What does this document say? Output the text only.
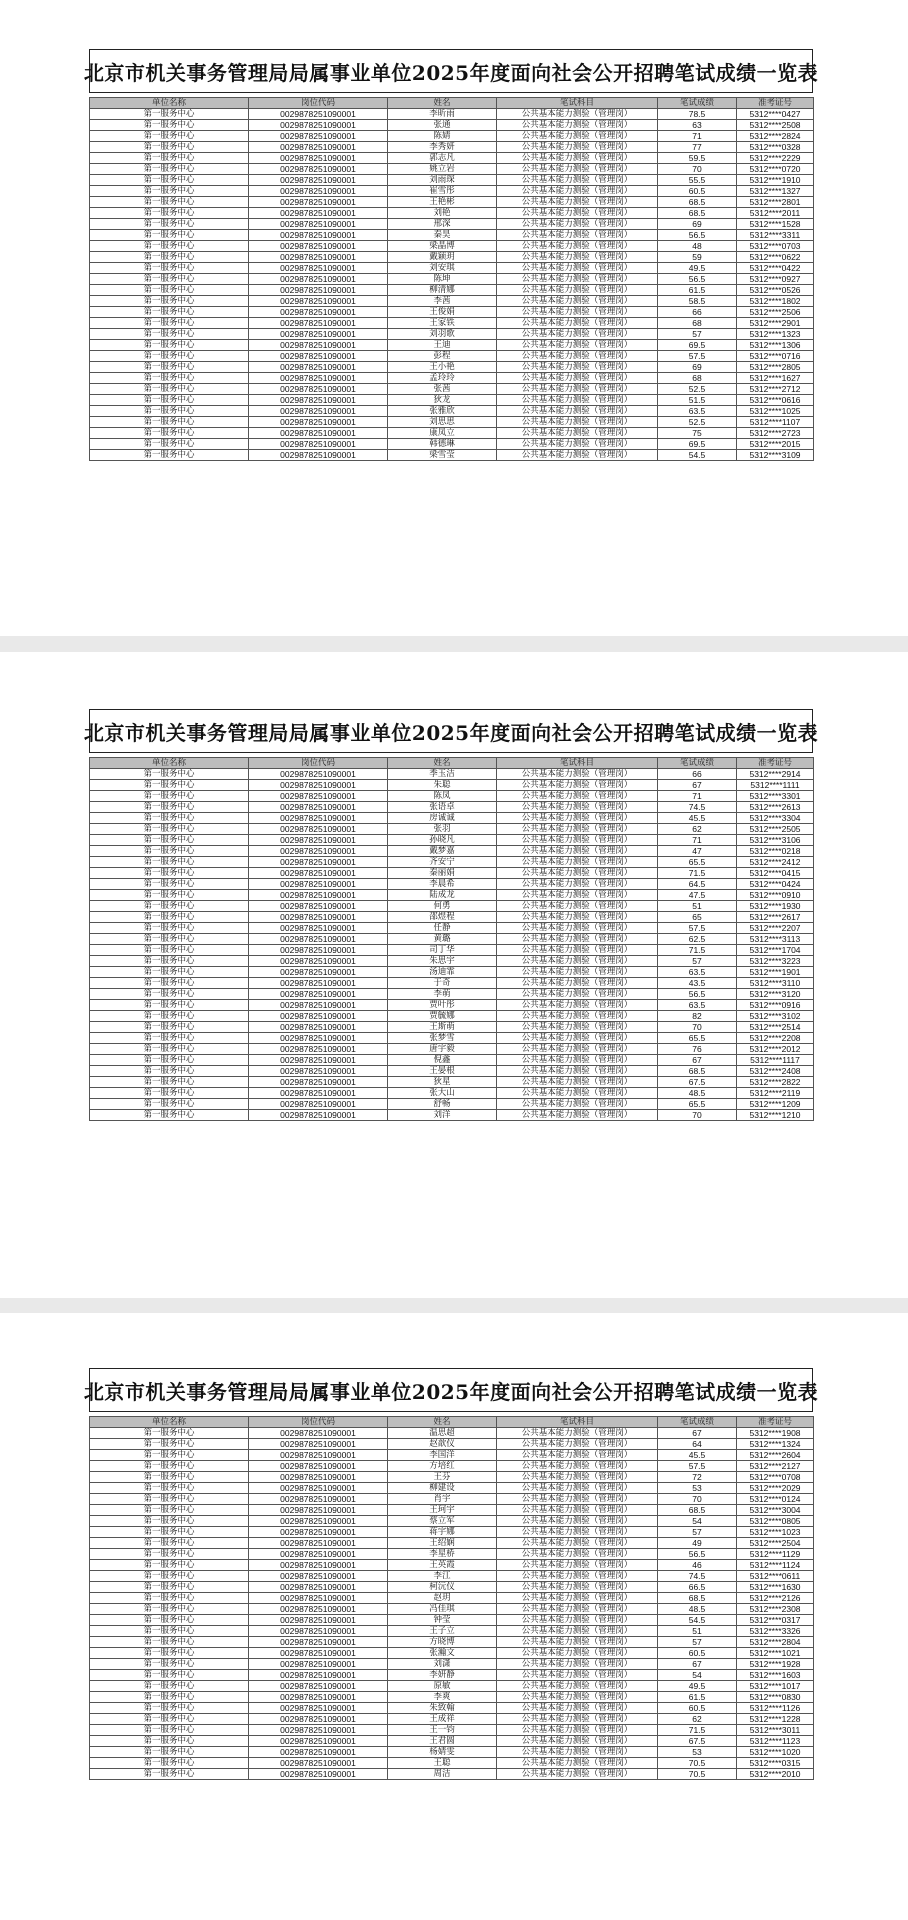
北京市机关事务管理局局属事业单位2025年度面向社会公开招聘笔试成绩一览表
单位名称	岗位代码	姓名	笔试科目	笔试成绩	准考证号
第一服务中心	0029878251090001	李昕雨	公共基本能力测验（管理岗）	78.5	5312****0427
第一服务中心	0029878251090001	张通	公共基本能力测验（管理岗）	63	5312****2508
第一服务中心	0029878251090001	陈婧	公共基本能力测验（管理岗）	71	5312****2824
第一服务中心	0029878251090001	李秀妍	公共基本能力测验（管理岗）	77	5312****0328
第一服务中心	0029878251090001	郭志凡	公共基本能力测验（管理岗）	59.5	5312****2229
第一服务中心	0029878251090001	姚立岩	公共基本能力测验（管理岗）	70	5312****0720
第一服务中心	0029878251090001	刘雨琛	公共基本能力测验（管理岗）	55.5	5312****1910
第一服务中心	0029878251090001	崔雪彤	公共基本能力测验（管理岗）	60.5	5312****1327
第一服务中心	0029878251090001	王艳彬	公共基本能力测验（管理岗）	68.5	5312****2801
第一服务中心	0029878251090001	刘艳	公共基本能力测验（管理岗）	68.5	5312****2011
第一服务中心	0029878251090001	邢深	公共基本能力测验（管理岗）	69	5312****1528
第一服务中心	0029878251090001	秦昊	公共基本能力测验（管理岗）	56.5	5312****3311
第一服务中心	0029878251090001	梁晶博	公共基本能力测验（管理岗）	48	5312****0703
第一服务中心	0029878251090001	戴颖玥	公共基本能力测验（管理岗）	59	5312****0622
第一服务中心	0029878251090001	刘安琪	公共基本能力测验（管理岗）	49.5	5312****0422
第一服务中心	0029878251090001	陈坤	公共基本能力测验（管理岗）	56.5	5312****0927
第一服务中心	0029878251090001	柳清娜	公共基本能力测验（管理岗）	61.5	5312****0526
第一服务中心	0029878251090001	李茜	公共基本能力测验（管理岗）	58.5	5312****1802
第一服务中心	0029878251090001	王俊娟	公共基本能力测验（管理岗）	66	5312****2506
第一服务中心	0029878251090001	王家铁	公共基本能力测验（管理岗）	68	5312****2901
第一服务中心	0029878251090001	刘羽歌	公共基本能力测验（管理岗）	57	5312****1323
第一服务中心	0029878251090001	王迪	公共基本能力测验（管理岗）	69.5	5312****1306
第一服务中心	0029878251090001	彭程	公共基本能力测验（管理岗）	57.5	5312****0716
第一服务中心	0029878251090001	王小艳	公共基本能力测验（管理岗）	69	5312****2805
第一服务中心	0029878251090001	孟玲玲	公共基本能力测验（管理岗）	68	5312****1627
第一服务中心	0029878251090001	张茜	公共基本能力测验（管理岗）	52.5	5312****2712
第一服务中心	0029878251090001	狄龙	公共基本能力测验（管理岗）	51.5	5312****0616
第一服务中心	0029878251090001	张雅欣	公共基本能力测验（管理岗）	63.5	5312****1025
第一服务中心	0029878251090001	刘思思	公共基本能力测验（管理岗）	52.5	5312****1107
第一服务中心	0029878251090001	康凤立	公共基本能力测验（管理岗）	75	5312****2723
第一服务中心	0029878251090001	韩德琳	公共基本能力测验（管理岗）	69.5	5312****2015
第一服务中心	0029878251090001	梁雪莹	公共基本能力测验（管理岗）	54.5	5312****3109
北京市机关事务管理局局属事业单位2025年度面向社会公开招聘笔试成绩一览表
单位名称	岗位代码	姓名	笔试科目	笔试成绩	准考证号
第一服务中心	0029878251090001	季玉洁	公共基本能力测验（管理岗）	66	5312****2914
第一服务中心	0029878251090001	朱聪	公共基本能力测验（管理岗）	67	5312****1111
第一服务中心	0029878251090001	陈凤	公共基本能力测验（管理岗）	71	5312****3301
第一服务中心	0029878251090001	张语卓	公共基本能力测验（管理岗）	74.5	5312****2613
第一服务中心	0029878251090001	房诚诚	公共基本能力测验（管理岗）	45.5	5312****3304
第一服务中心	0029878251090001	张羽	公共基本能力测验（管理岗）	62	5312****2505
第一服务中心	0029878251090001	孙晓凡	公共基本能力测验（管理岗）	71	5312****3106
第一服务中心	0029878251090001	戴梦嘉	公共基本能力测验（管理岗）	47	5312****0218
第一服务中心	0029878251090001	齐安宁	公共基本能力测验（管理岗）	65.5	5312****2412
第一服务中心	0029878251090001	秦丽娟	公共基本能力测验（管理岗）	71.5	5312****0415
第一服务中心	0029878251090001	李晨希	公共基本能力测验（管理岗）	64.5	5312****0424
第一服务中心	0029878251090001	陆成龙	公共基本能力测验（管理岗）	47.5	5312****0910
第一服务中心	0029878251090001	何勇	公共基本能力测验（管理岗）	51	5312****1930
第一服务中心	0029878251090001	邵煜程	公共基本能力测验（管理岗）	65	5312****2617
第一服务中心	0029878251090001	任静	公共基本能力测验（管理岗）	57.5	5312****2207
第一服务中心	0029878251090001	黄璐	公共基本能力测验（管理岗）	62.5	5312****3113
第一服务中心	0029878251090001	司丁华	公共基本能力测验（管理岗）	71.5	5312****1704
第一服务中心	0029878251090001	朱思宇	公共基本能力测验（管理岗）	57	5312****3223
第一服务中心	0029878251090001	汤迪霏	公共基本能力测验（管理岗）	63.5	5312****1901
第一服务中心	0029878251090001	于奇	公共基本能力测验（管理岗）	43.5	5312****3110
第一服务中心	0029878251090001	李萌	公共基本能力测验（管理岗）	56.5	5312****3120
第一服务中心	0029878251090001	贾叶彤	公共基本能力测验（管理岗）	63.5	5312****0916
第一服务中心	0029878251090001	贾毓娜	公共基本能力测验（管理岗）	82	5312****3102
第一服务中心	0029878251090001	王斯萌	公共基本能力测验（管理岗）	70	5312****2514
第一服务中心	0029878251090001	张梦雪	公共基本能力测验（管理岗）	65.5	5312****2208
第一服务中心	0029878251090001	唐宇毅	公共基本能力测验（管理岗）	76	5312****2012
第一服务中心	0029878251090001	倪鑫	公共基本能力测验（管理岗）	67	5312****1117
第一服务中心	0029878251090001	王晏根	公共基本能力测验（管理岗）	68.5	5312****2408
第一服务中心	0029878251090001	狄星	公共基本能力测验（管理岗）	67.5	5312****2822
第一服务中心	0029878251090001	张大山	公共基本能力测验（管理岗）	48.5	5312****2119
第一服务中心	0029878251090001	舒畅	公共基本能力测验（管理岗）	65.5	5312****1209
第一服务中心	0029878251090001	刘洋	公共基本能力测验（管理岗）	70	5312****1210
北京市机关事务管理局局属事业单位2025年度面向社会公开招聘笔试成绩一览表
单位名称	岗位代码	姓名	笔试科目	笔试成绩	准考证号
第一服务中心	0029878251090001	温思超	公共基本能力测验（管理岗）	67	5312****1908
第一服务中心	0029878251090001	赵歆仪	公共基本能力测验（管理岗）	64	5312****1324
第一服务中心	0029878251090001	李国洋	公共基本能力测验（管理岗）	45.5	5312****2604
第一服务中心	0029878251090001	方培红	公共基本能力测验（管理岗）	57.5	5312****2127
第一服务中心	0029878251090001	王芬	公共基本能力测验（管理岗）	72	5312****0708
第一服务中心	0029878251090001	柳建设	公共基本能力测验（管理岗）	53	5312****2029
第一服务中心	0029878251090001	肖宇	公共基本能力测验（管理岗）	70	5312****0124
第一服务中心	0029878251090001	王珂宇	公共基本能力测验（管理岗）	68.5	5312****3004
第一服务中心	0029878251090001	蔡立军	公共基本能力测验（管理岗）	54	5312****0805
第一服务中心	0029878251090001	蒋宇娜	公共基本能力测验（管理岗）	57	5312****1023
第一服务中心	0029878251090001	王绍娴	公共基本能力测验（管理岗）	49	5312****2504
第一服务中心	0029878251090001	李星桥	公共基本能力测验（管理岗）	56.5	5312****1129
第一服务中心	0029878251090001	王英霞	公共基本能力测验（管理岗）	46	5312****1124
第一服务中心	0029878251090001	李江	公共基本能力测验（管理岗）	74.5	5312****0611
第一服务中心	0029878251090001	柯沅仪	公共基本能力测验（管理岗）	66.5	5312****1630
第一服务中心	0029878251090001	赵玥	公共基本能力测验（管理岗）	68.5	5312****2126
第一服务中心	0029878251090001	冯佳琪	公共基本能力测验（管理岗）	48.5	5312****2308
第一服务中心	0029878251090001	钟莹	公共基本能力测验（管理岗）	54.5	5312****0317
第一服务中心	0029878251090001	王子立	公共基本能力测验（管理岗）	51	5312****3326
第一服务中心	0029878251090001	方晓博	公共基本能力测验（管理岗）	57	5312****2804
第一服务中心	0029878251090001	张瀚文	公共基本能力测验（管理岗）	60.5	5312****1021
第一服务中心	0029878251090001	刘潇	公共基本能力测验（管理岗）	67	5312****1928
第一服务中心	0029878251090001	李妍静	公共基本能力测验（管理岗）	54	5312****1603
第一服务中心	0029878251090001	原敏	公共基本能力测验（管理岗）	49.5	5312****1017
第一服务中心	0029878251090001	李爽	公共基本能力测验（管理岗）	61.5	5312****0830
第一服务中心	0029878251090001	朱致翰	公共基本能力测验（管理岗）	60.5	5312****1126
第一服务中心	0029878251090001	王成祥	公共基本能力测验（管理岗）	62	5312****1228
第一服务中心	0029878251090001	王一钧	公共基本能力测验（管理岗）	71.5	5312****3011
第一服务中心	0029878251090001	王君圆	公共基本能力测验（管理岗）	67.5	5312****1123
第一服务中心	0029878251090001	杨婧雯	公共基本能力测验（管理岗）	53	5312****1020
第一服务中心	0029878251090001	王聪	公共基本能力测验（管理岗）	70.5	5312****0315
第一服务中心	0029878251090001	周洁	公共基本能力测验（管理岗）	70.5	5312****2010
